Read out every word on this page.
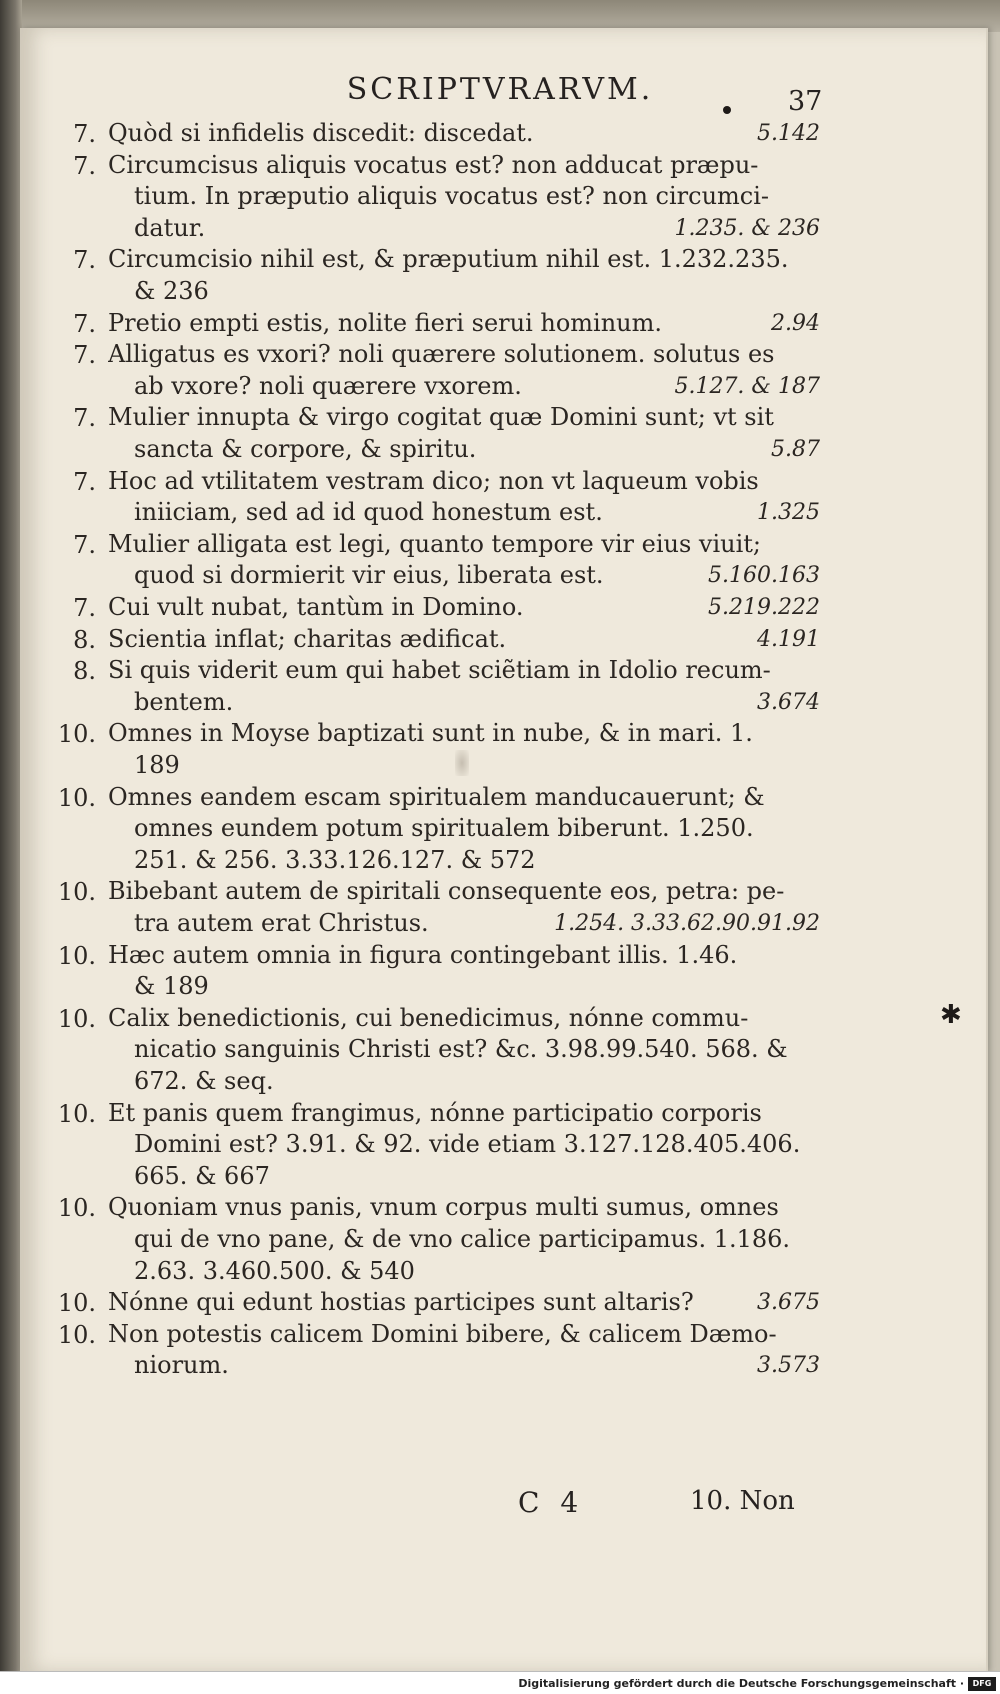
SCRIPTVRARVM.	37
✱
7. Quòd si infidelis discedit: discedat.	5.142
7. Circumcisus aliquis vocatus est? non adducat præpu-
tium. In præputio aliquis vocatus est? non circumci-
datur.	1.235. & 236
7. Circumcisio nihil est, & præputium nihil est. 1.232.235.
& 236
7. Pretio empti estis, nolite fieri serui hominum.	2.94
7. Alligatus es vxori? noli quærere solutionem. solutus es
ab vxore? noli quærere vxorem.	5.127. & 187
7. Mulier innupta & virgo cogitat quæ Domini sunt; vt sit
sancta & corpore, & spiritu.	5.87
7. Hoc ad vtilitatem vestram dico; non vt laqueum vobis
iniiciam, sed ad id quod honestum est.	1.325
7. Mulier alligata est legi, quanto tempore vir eius viuit;
quod si dormierit vir eius, liberata est.	5.160.163
7. Cui vult nubat, tantùm in Domino.	5.219.222
8. Scientia inflat; charitas ædificat.	4.191
8. Si quis viderit eum qui habet sciẽtiam in Idolio recum-
bentem.	3.674
10. Omnes in Moyse baptizati sunt in nube, & in mari. 1.
189
10. Omnes eandem escam spiritualem manducauerunt; &
omnes eundem potum spiritualem biberunt. 1.250.
251. & 256. 3.33.126.127. & 572
10. Bibebant autem de spiritali consequente eos, petra: pe-
tra autem erat Christus.	1.254. 3.33.62.90.91.92
10. Hæc autem omnia in figura contingebant illis. 1.46.
& 189
10. Calix benedictionis, cui benedicimus, nónne commu-
nicatio sanguinis Christi est? &c. 3.98.99.540. 568. &
672. & seq.
10. Et panis quem frangimus, nónne participatio corporis
Domini est? 3.91. & 92. vide etiam 3.127.128.405.406.
665. & 667
10. Quoniam vnus panis, vnum corpus multi sumus, omnes
qui de vno pane, & de vno calice participamus. 1.186.
2.63. 3.460.500. & 540
10. Nónne qui edunt hostias participes sunt altaris?	3.675
10. Non potestis calicem Domini bibere, & calicem Dæmo-
niorum.	3.573
C 4	10. Non
Digitalisierung gefördert durch die Deutsche Forschungsgemeinschaft ·	DFG
